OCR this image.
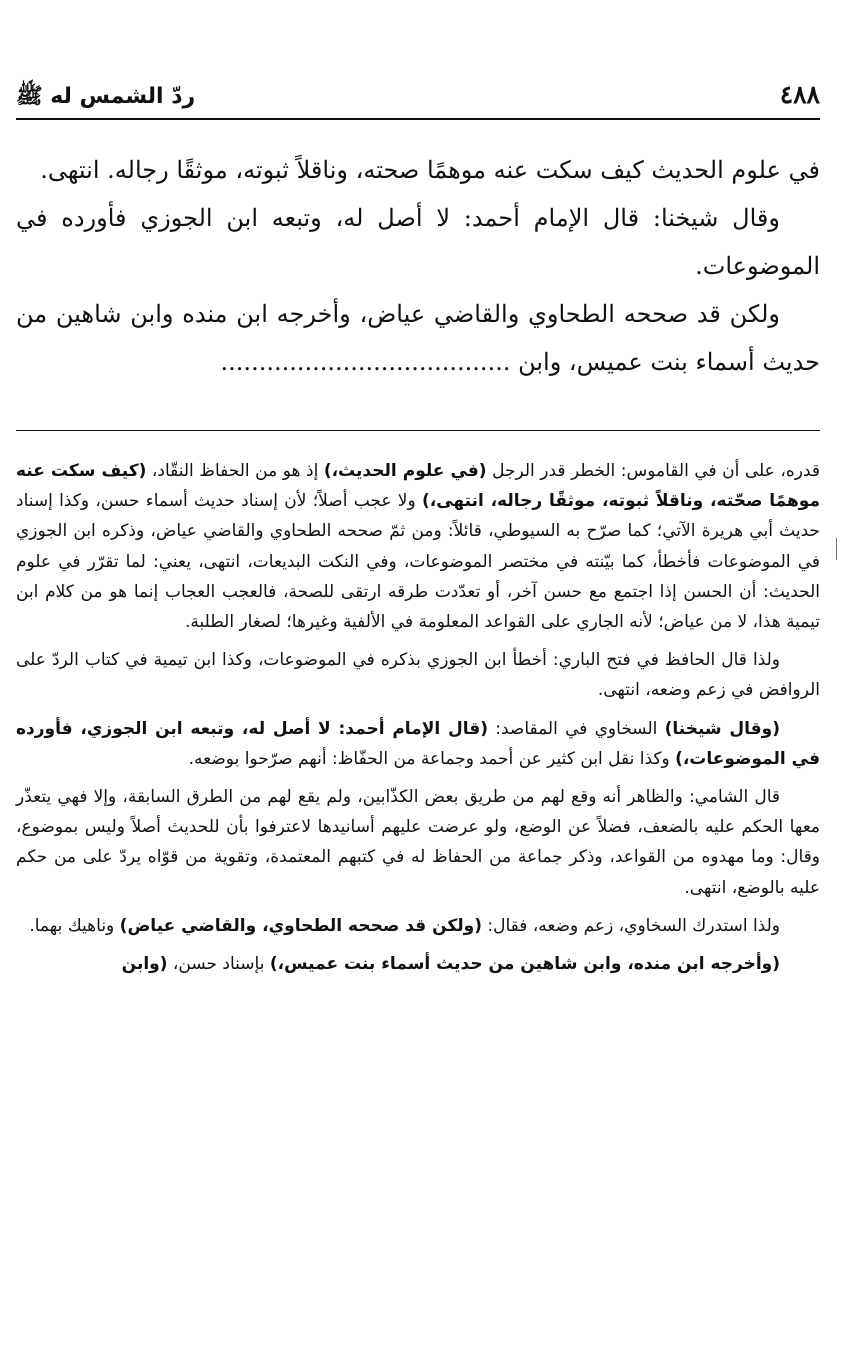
٤٨٨
ردّ الشمس له ﷺ

في علوم الحديث كيف سكت عنه موهمًا صحته، وناقلاً ثبوته، موثقًا رجاله. انتهى.

وقال شيخنا: قال الإمام أحمد: لا أصل له، وتبعه ابن الجوزي فأورده في الموضوعات.

ولكن قد صححه الطحاوي والقاضي عياض، وأخرجه ابن منده وابن شاهين من حديث أسماء بنت عميس، وابن ......................................

قدره، على أن في القاموس: الخطر قدر الرجل (في علوم الحديث،) إذ هو من الحفاظ النقّاد، (كيف سكت عنه موهمًا صحّته، وناقلاً ثبوته، موثقًا رجاله، انتهى،) ولا عجب أصلاً؛ لأن إسناد حديث أسماء حسن، وكذا إسناد حديث أبي هريرة الآتي؛ كما صرّح به السيوطي، قائلاً: ومن ثمّ صححه الطحاوي والقاضي عياض، وذكره ابن الجوزي في الموضوعات فأخطأ، كما بيّنته في مختصر الموضوعات، وفي النكت البديعات، انتهى، يعني: لما تقرّر في علوم الحديث: أن الحسن إذا اجتمع مع حسن آخر، أو تعدّدت طرقه ارتقى للصحة، فالعجب العجاب إنما هو من كلام ابن تيمية هذا، لا من عياض؛ لأنه الجاري على القواعد المعلومة في الألفية وغيرها؛ لصغار الطلبة.

ولذا قال الحافظ في فتح الباري: أخطأ ابن الجوزي بذكره في الموضوعات، وكذا ابن تيمية في كتاب الردّ على الروافض في زعم وضعه، انتهى.

(وقال شيخنا) السخاوي في المقاصد: (قال الإمام أحمد: لا أصل له، وتبعه ابن الجوزي، فأورده في الموضوعات،) وكذا نقل ابن كثير عن أحمد وجماعة من الحفّاظ: أنهم صرّحوا بوضعه.

قال الشامي: والظاهر أنه وقع لهم من طريق بعض الكذّابين، ولم يقع لهم من الطرق السابقة، وإلا فهي يتعذّر معها الحكم عليه بالضعف، فضلاً عن الوضع، ولو عرضت عليهم أسانيدها لاعترفوا بأن للحديث أصلاً وليس بموضوع، وقال: وما مهدوه من القواعد، وذكر جماعة من الحفاظ له في كتبهم المعتمدة، وتقوية من قوّاه يردّ على من حكم عليه بالوضع، انتهى.

ولذا استدرك السخاوي، زعم وضعه، فقال: (ولكن قد صححه الطحاوي، والقاضي عياض) وناهيك بهما.

(وأخرجه ابن منده، وابن شاهين من حديث أسماء بنت عميس،) بإسناد حسن، (وابن
